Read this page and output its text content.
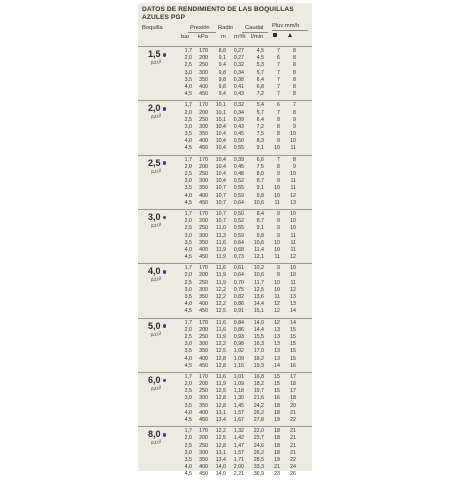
DATOS DE RENDIMIENTO DE LAS BOQUILLAS
AZULES PGP
Boquilla	Presión Radio Caudal Pluv mm/h
bar kPa m m³/h l/min
1,5
Azul
1,7	170	8,8	0,27	4,5	7	8
2,0	200	9,1	0,27	4,5	6	8
2,5	250	9,4	0,32	5,3	7	8
3,0	300	9,8	0,34	5,7	7	8
3,5	350	9,8	0,38	6,4	7	8
4,0	400	9,8	0,41	6,8	7	8
4,5	450	9,4	0,43	7,2	7	8
2,0
Azul
1,7	170	10,1	0,32	5,4	6	7
2,0	200	10,1	0,34	5,7	7	8
2,5	250	10,1	0,39	6,4	8	9
3,0	300	10,4	0,43	7,2	8	9
3,5	350	10,4	0,45	7,5	8	10
4,0	400	10,4	0,50	8,3	9	10
4,5	450	10,4	0,55	9,1	10	11
2,5
Azul
1,7	170	10,4	0,39	6,6	7	8
2,0	200	10,4	0,45	7,5	8	9
2,5	250	10,4	0,48	8,0	9	10
3,0	300	10,4	0,52	8,7	9	11
3,5	350	10,7	0,55	9,1	10	11
4,0	400	10,7	0,59	9,8	10	12
4,5	450	10,7	0,64	10,6	11	13
3,0
Azul
1,7	170	10,7	0,50	8,4	9	10
2,0	200	10,7	0,52	8,7	9	10
2,5	250	11,0	0,55	9,1	9	10
3,0	300	11,3	0,59	9,8	9	11
3,5	350	11,6	0,64	10,6	10	11
4,0	400	11,9	0,68	11,4	10	11
4,5	450	11,9	0,73	12,1	11	12
4,0
Azul
1,7	170	11,6	0,61	10,2	9	10
2,0	200	11,9	0,64	10,6	9	10
2,5	250	11,9	0,70	11,7	10	11
3,0	300	12,2	0,75	12,5	10	12
3,5	350	12,2	0,82	13,6	11	13
4,0	400	12,2	0,86	14,4	12	13
4,5	450	12,5	0,91	15,1	12	14
5,0
Azul
1,7	170	11,6	0,84	14,0	12	14
2,0	200	11,6	0,86	14,4	13	15
2,5	250	11,9	0,93	15,5	13	15
3,0	300	12,2	0,98	16,3	13	15
3,5	350	12,5	1,02	17,0	13	15
4,0	400	12,8	1,09	18,2	13	15
4,5	450	12,8	1,16	19,3	14	16
6,0
Azul
1,7	170	11,6	1,01	16,8	15	17
2,0	200	11,9	1,09	18,2	15	18
2,5	250	12,5	1,18	19,7	15	17
3,0	300	12,8	1,30	21,6	16	18
3,5	350	12,8	1,45	24,2	18	20
4,0	400	13,1	1,57	26,2	18	21
4,5	450	13,4	1,67	27,8	19	22
8,0
Azul
1,7	170	12,2	1,32	22,0	18	21
2,0	200	12,5	1,42	23,7	18	21
2,5	250	12,8	1,47	24,6	18	21
3,0	300	13,1	1,57	26,2	18	21
3,5	350	13,4	1,71	28,5	19	22
4,0	400	14,0	2,00	33,3	21	24
4,5	450	14,0	2,21	36,9	23	26
